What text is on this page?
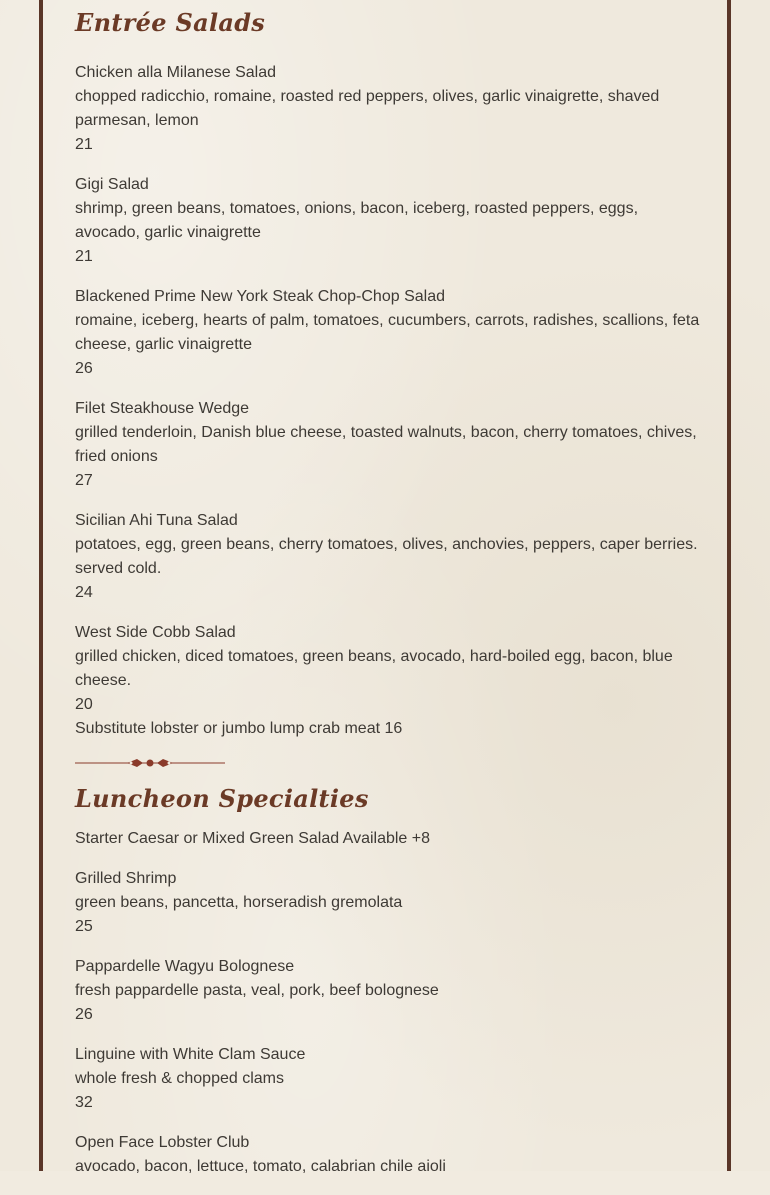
Entrée Salads

Chicken alla Milanese Salad

chopped radicchio, romaine, roasted red peppers, olives, garlic vinaigrette, shaved parmesan, lemon

21

Gigi Salad

shrimp, green beans, tomatoes, onions, bacon, iceberg, roasted peppers, eggs, avocado, garlic vinaigrette

21

Blackened Prime New York Steak Chop-Chop Salad

romaine, iceberg, hearts of palm, tomatoes, cucumbers, carrots, radishes, scallions, feta cheese, garlic vinaigrette

26

Filet Steakhouse Wedge

grilled tenderloin, Danish blue cheese, toasted walnuts, bacon, cherry tomatoes, chives, fried onions

27

Sicilian Ahi Tuna Salad

potatoes, egg, green beans, cherry tomatoes, olives, anchovies, peppers, caper berries. served cold.

24

West Side Cobb Salad

grilled chicken, diced tomatoes, green beans, avocado, hard-boiled egg, bacon, blue cheese.

20

Substitute lobster or jumbo lump crab meat 16

Luncheon Specialties

Starter Caesar or Mixed Green Salad Available +8

Grilled Shrimp

green beans, pancetta, horseradish gremolata

25

Pappardelle Wagyu Bolognese

fresh pappardelle pasta, veal, pork, beef bolognese

26

Linguine with White Clam Sauce

whole fresh & chopped clams

32

Open Face Lobster Club

avocado, bacon, lettuce, tomato, calabrian chile aioli
